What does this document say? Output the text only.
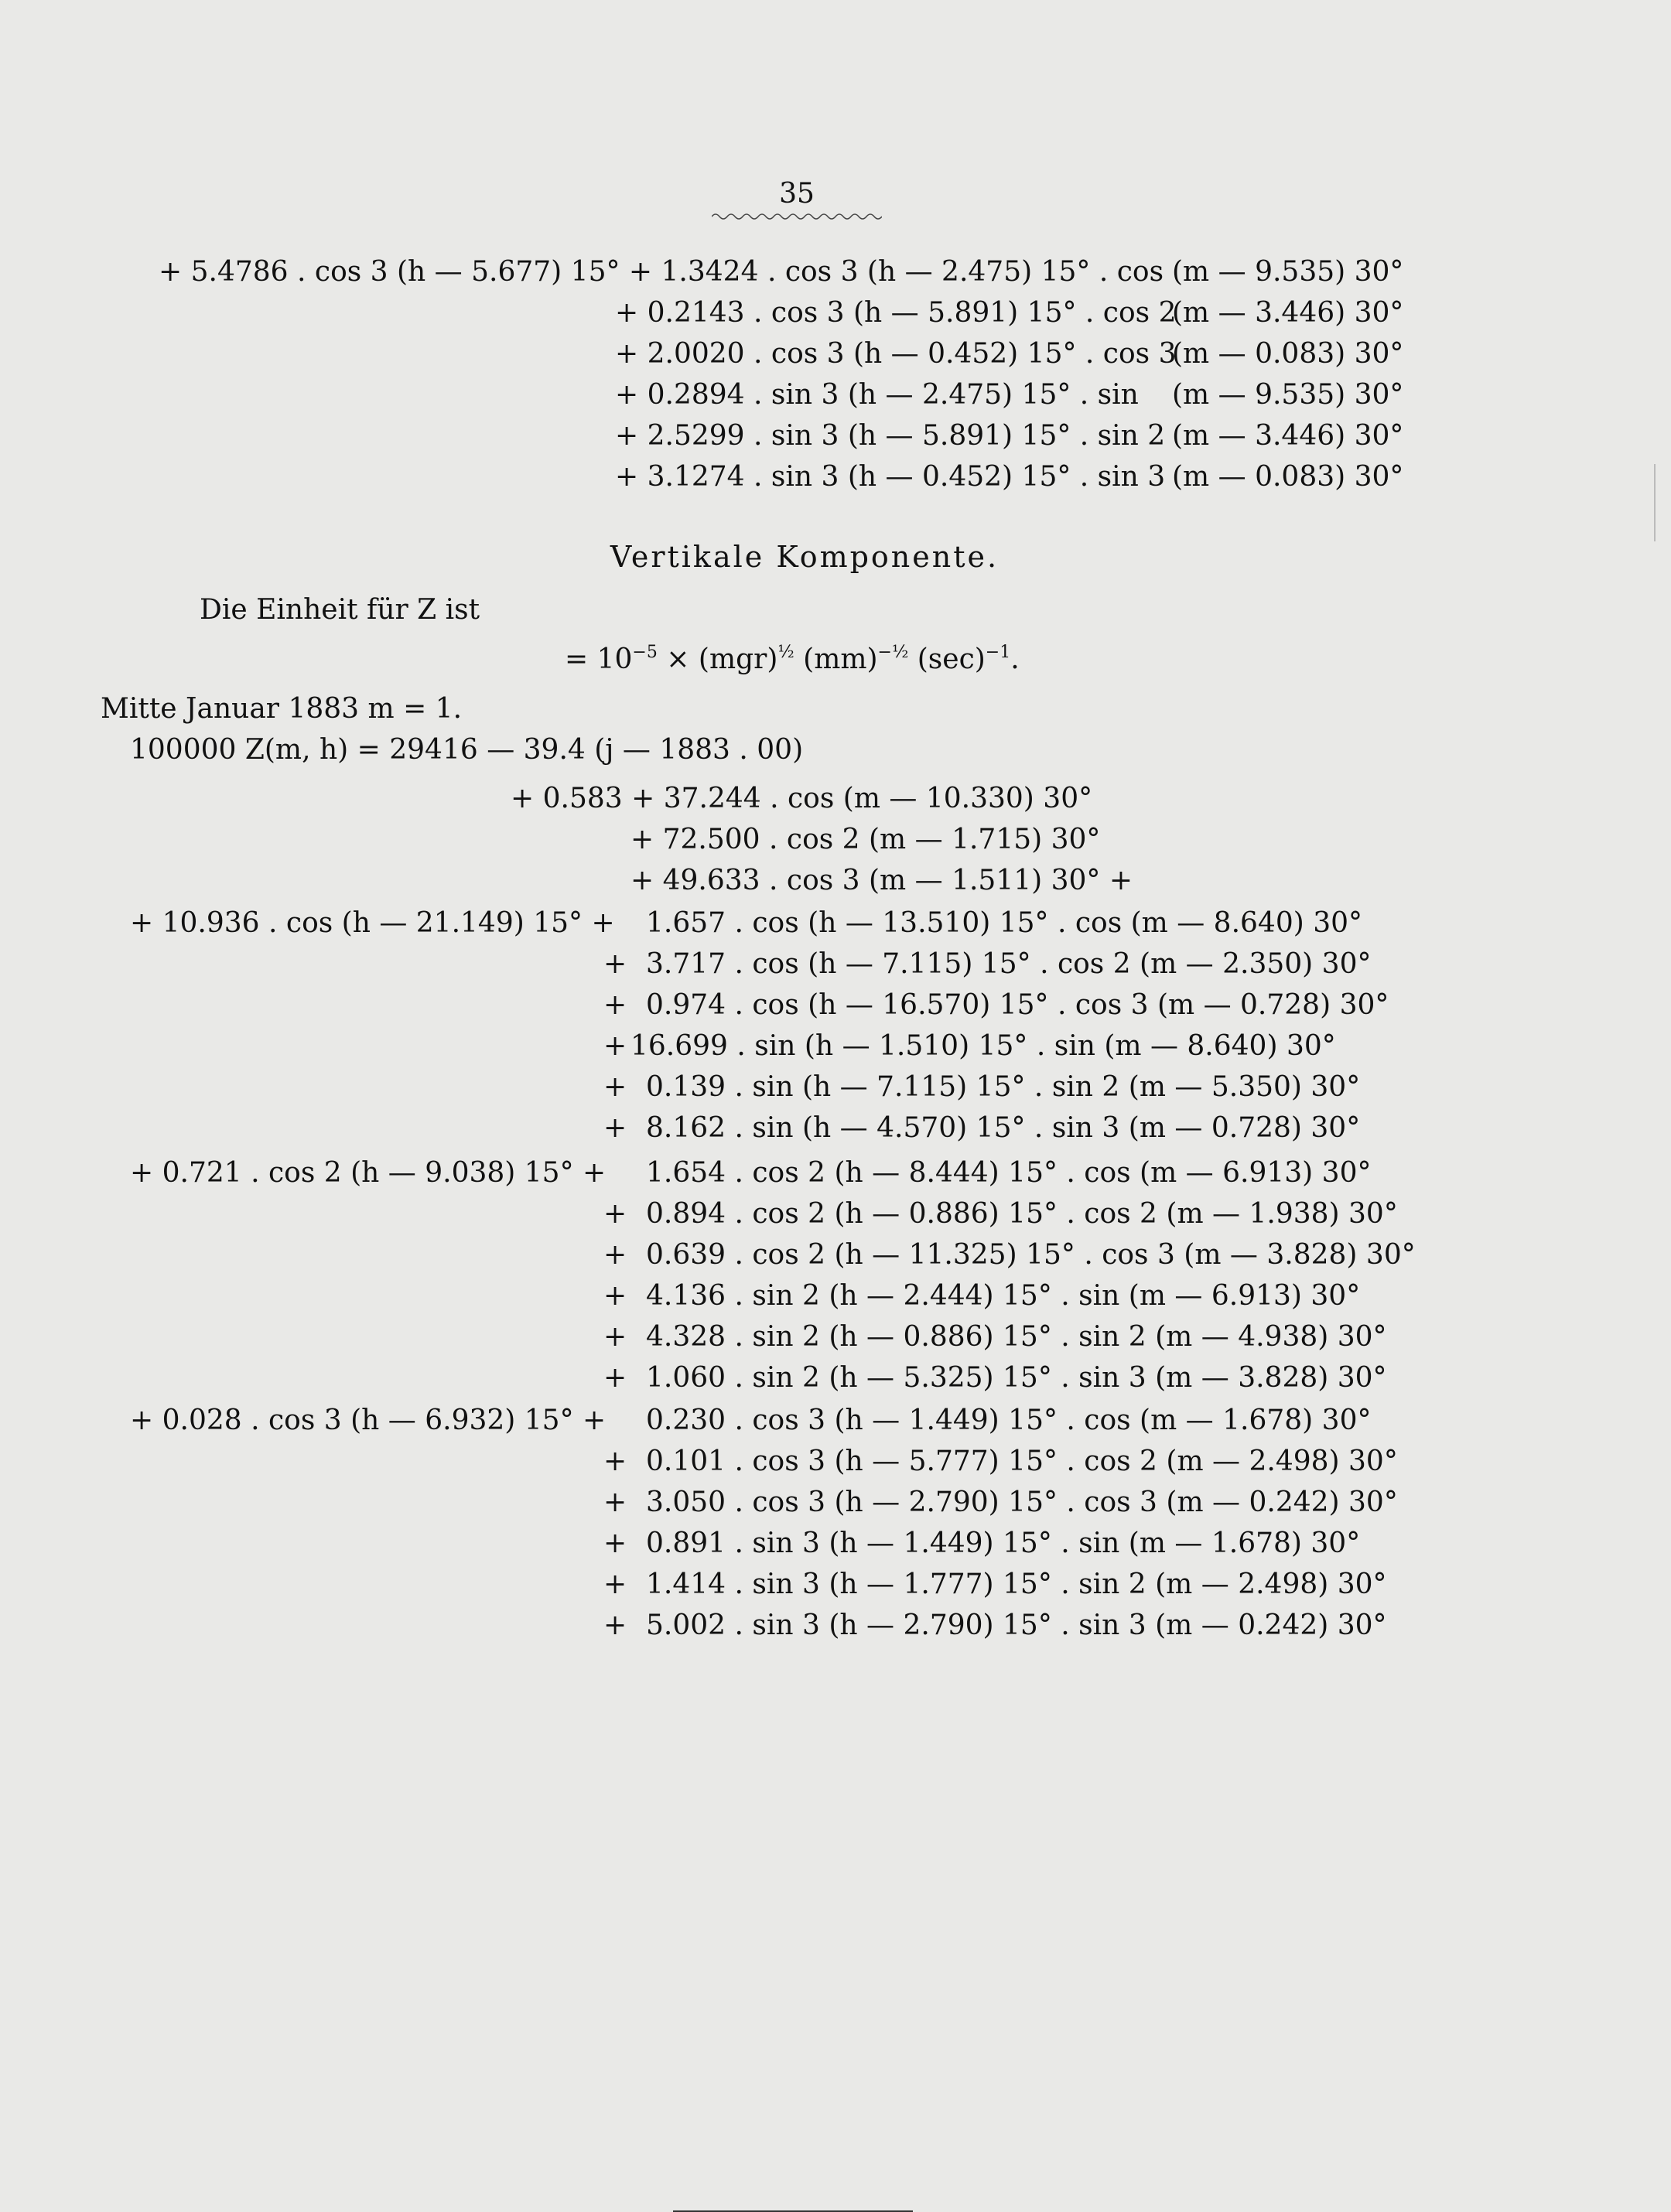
35
+ 5.4786 . cos 3 (h — 5.677) 15° + 1.3424 . cos 3 (h — 2.475) 15° . cos (m — 9.535) 30°
+ 0.2143 . cos 3 (h — 5.891) 15° . cos 2
(m — 3.446) 30°
+ 2.0020 . cos 3 (h — 0.452) 15° . cos 3
(m — 0.083) 30°
+ 0.2894 . sin 3 (h — 2.475) 15° . sin (m — 9.535) 30°
+ 2.5299 . sin 3 (h — 5.891) 15° . sin 2 (m — 3.446) 30°
+ 3.1274 . sin 3 (h — 0.452) 15° . sin 3 (m — 0.083) 30°
Vertikale Komponente.
Die Einheit für Z ist
= $10^{-5} \times (mgr)^{\frac{1}{2}}$ (mm)$^{-\frac{1}{2}}$ $(\sec)^{-1}$.
Mitte Januar 1883 m = 1.
100000 Z(m, h) = 29416 — 39.4 (j — 1883 . 00)
+ 0.583 + 37.244 . cos (m — 10.330) 30°
+ 72.500 . cos 2 (m — 1.715) 30°
+ 49.633 . cos 3 (m — 1.511) 30° +
+ 10.936 . cos (h — 21.149) 15° + 1.657 . cos (h — 13.510) 15° . cos (m — 8.640) 30°
+ 3.717 . cos (h — 7.115) 15° . cos 2 (m — 2.350) 30°
+ 0.974 . cos (h — 16.570) 15° . cos 3 (m — 0.728) 30°
+ 16.699 . sin (h — 1.510) 15° . sin (m — 8.640) 30°
+ 0.139 . sin (h — 7.115) 15° . sin 2 (m — 5.350) 30°
+ 8.162 . sin (h — 4.570) 15° . sin 3 (m — 0.728) 30°
+ 0.721 . cos 2 (h — 9.038) 15° + 1.654 . cos 2 (h — 8.444) 15° . cos (m — 6.913) 30°
+ 0.894 . cos 2 (h — 0.886) 15° . cos 2 (m — 1.938) 30°
+ 0.639 . cos 2 (h — 11.325) 15° . cos 3 (m — 3.828) 30°
+ 4.136 . sin 2 (h — 2.444) 15° . sin (m — 6.913) 30°
+ 4.328 . sin 2 (h — 0.886) 15° . sin 2 (m — 4.938) 30°
+ 1.060 . sin 2 (h — 5.325) 15° . sin 3 (m — 3.828) 30°
+ 0.028 . cos 3 (h — 6.932) 15° + 0.230 . cos 3 (h — 1.449) 15° . cos (m — 1.678) 30°
+ 0.101 . cos 3 (h — 5.777) 15° . cos 2 (m — 2.498) 30°
+ 3.050 . cos 3 (h — 2.790) 15° . cos 3 (m — 0.242) 30°
+ 0.891 . sin 3 (h — 1.449) 15° . sin (m — 1.678) 30°
+ 1.414 . sin 3 (h — 1.777) 15° . sin 2 (m — 2.498) 30°
+ 5.002 . sin 3 (h — 2.790) 15° . sin 3 (m — 0.242) 30°
